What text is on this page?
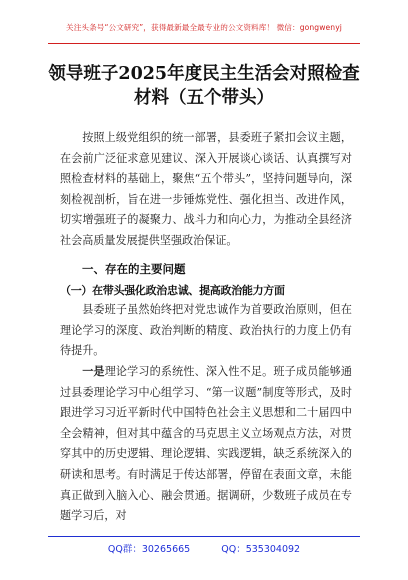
关注头条号“公文研究”，获得最新最全最专业的公文资料库！ 微信：gongwenyj
领导班子2025年度民主生活会对照检查
材料（五个带头）
按照上级党组织的统一部署，县委班子紧扣会议主题，在会前广泛征求意见建议、深入开展谈心谈话、认真撰写对照检查材料的基础上，聚焦“五个带头”，坚持问题导向，深刻检视剖析，旨在进一步锤炼党性、强化担当、改进作风，切实增强班子的凝聚力、战斗力和向心力，为推动全县经济社会高质量发展提供坚强政治保证。
一、存在的主要问题
（一）在带头强化政治忠诚、提高政治能力方面
县委班子虽然始终把对党忠诚作为首要政治原则，但在理论学习的深度、政治判断的精度、政治执行的力度上仍有待提升。
一是理论学习的系统性、深入性不足。班子成员能够通过县委理论学习中心组学习、“第一议题”制度等形式，及时跟进学习习近平新时代中国特色社会主义思想和二十届四中全会精神，但对其中蕴含的马克思主义立场观点方法，对贯穿其中的历史逻辑、理论逻辑、实践逻辑，缺乏系统深入的研读和思考。有时满足于传达部署，停留在表面文章，未能真正做到入脑入心、融会贯通。据调研，少数班子成员在专题学习后，对
QQ群：30265665	QQ：535304092
